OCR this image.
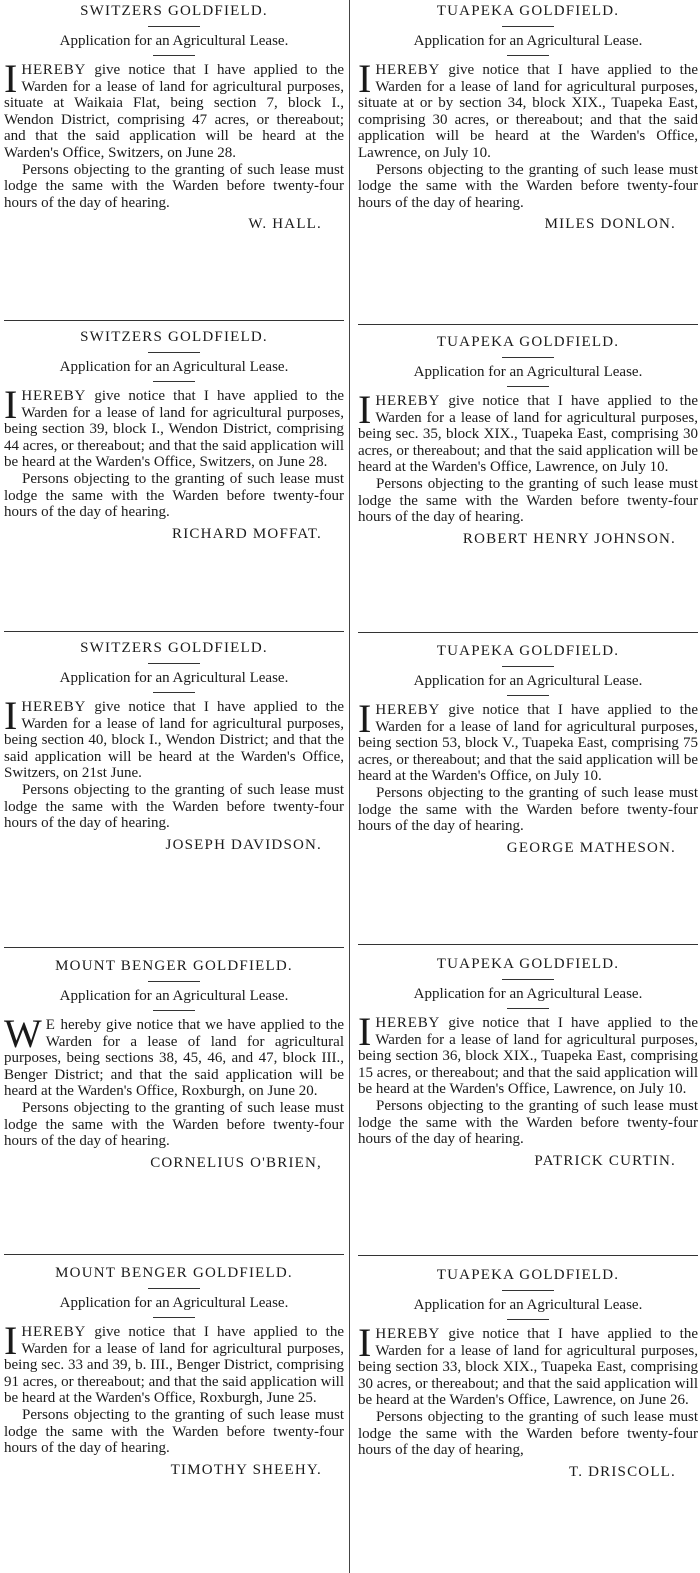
SWITZERS GOLDFIELD.

Application for an Agricultural Lease.

IHEREBY give notice that I have applied to the Warden for a lease of land for agricultural purposes, situate at Waikaia Flat, being section 7, block I., Wendon District, comprising 47 acres, or thereabout; and that the said application will be heard at the Warden's Office, Switzers, on June 28.

Persons objecting to the granting of such lease must lodge the same with the Warden before twenty-four hours of the day of hearing.

W. HALL.

SWITZERS GOLDFIELD.

Application for an Agricultural Lease.

IHEREBY give notice that I have applied to the Warden for a lease of land for agricultural purposes, being section 39, block I., Wendon District, comprising 44 acres, or thereabout; and that the said application will be heard at the Warden's Office, Switzers, on June 28.

Persons objecting to the granting of such lease must lodge the same with the Warden before twenty-four hours of the day of hearing.

RICHARD MOFFAT.

SWITZERS GOLDFIELD.

Application for an Agricultural Lease.

IHEREBY give notice that I have applied to the Warden for a lease of land for agricultural purposes, being section 40, block I., Wendon District; and that the said application will be heard at the Warden's Office, Switzers, on 21st June.

Persons objecting to the granting of such lease must lodge the same with the Warden before twenty-four hours of the day of hearing.

JOSEPH DAVIDSON.

MOUNT BENGER GOLDFIELD.

Application for an Agricultural Lease.

W E hereby give notice that we have applied to the Warden for a lease of land for agricultural purposes, being sections 38, 45, 46, and 47, block III., Benger District; and that the said application will be heard at the Warden's Office, Roxburgh, on June 20.

Persons objecting to the granting of such lease must lodge the same with the Warden before twenty-four hours of the day of hearing.

CORNELIUS O'BRIEN,

MOUNT BENGER GOLDFIELD.

Application for an Agricultural Lease.

IHEREBY give notice that I have applied to the Warden for a lease of land for agricultural purposes, being sec. 33 and 39, b. III., Benger District, comprising 91 acres, or thereabout; and that the said application will be heard at the Warden's Office, Roxburgh, June 25.

Persons objecting to the granting of such lease must lodge the same with the Warden before twenty-four hours of the day of hearing.

TIMOTHY SHEEHY.

TUAPEKA GOLDFIELD.

Application for an Agricultural Lease.

IHEREBY give notice that I have applied to the Warden for a lease of land for agricultural purposes, situate at or by section 34, block XIX., Tuapeka East, comprising 30 acres, or thereabout; and that the said application will be heard at the Warden's Office, Lawrence, on July 10.

Persons objecting to the granting of such lease must lodge the same with the Warden before twenty-four hours of the day of hearing.

MILES DONLON.

TUAPEKA GOLDFIELD.

Application for an Agricultural Lease.

IHEREBY give notice that I have applied to the Warden for a lease of land for agricultural purposes, being sec. 35, block XIX., Tuapeka East, comprising 30 acres, or thereabout; and that the said application will be heard at the Warden's Office, Lawrence, on July 10.

Persons objecting to the granting of such lease must lodge the same with the Warden before twenty-four hours of the day of hearing.

ROBERT HENRY JOHNSON.

TUAPEKA GOLDFIELD.

Application for an Agricultural Lease.

IHEREBY give notice that I have applied to the Warden for a lease of land for agricultural purposes, being section 53, block V., Tuapeka East, comprising 75 acres, or thereabout; and that the said application will be heard at the Warden's Office, on July 10.

Persons objecting to the granting of such lease must lodge the same with the Warden before twenty-four hours of the day of hearing.

GEORGE MATHESON.

TUAPEKA GOLDFIELD.

Application for an Agricultural Lease.

IHEREBY give notice that I have applied to the Warden for a lease of land for agricultural purposes, being section 36, block XIX., Tuapeka East, comprising 15 acres, or thereabout; and that the said application will be heard at the Warden's Office, Lawrence, on July 10.

Persons objecting to the granting of such lease must lodge the same with the Warden before twenty-four hours of the day of hearing.

PATRICK CURTIN.

TUAPEKA GOLDFIELD.

Application for an Agricultural Lease.

IHEREBY give notice that I have applied to the Warden for a lease of land for agricultural purposes, being section 33, block XIX., Tuapeka East, comprising 30 acres, or thereabout; and that the said application will be heard at the Warden's Office, Lawrence, on June 26.

Persons objecting to the granting of such lease must lodge the same with the Warden before twenty-four hours of the day of hearing,

T. DRISCOLL.
